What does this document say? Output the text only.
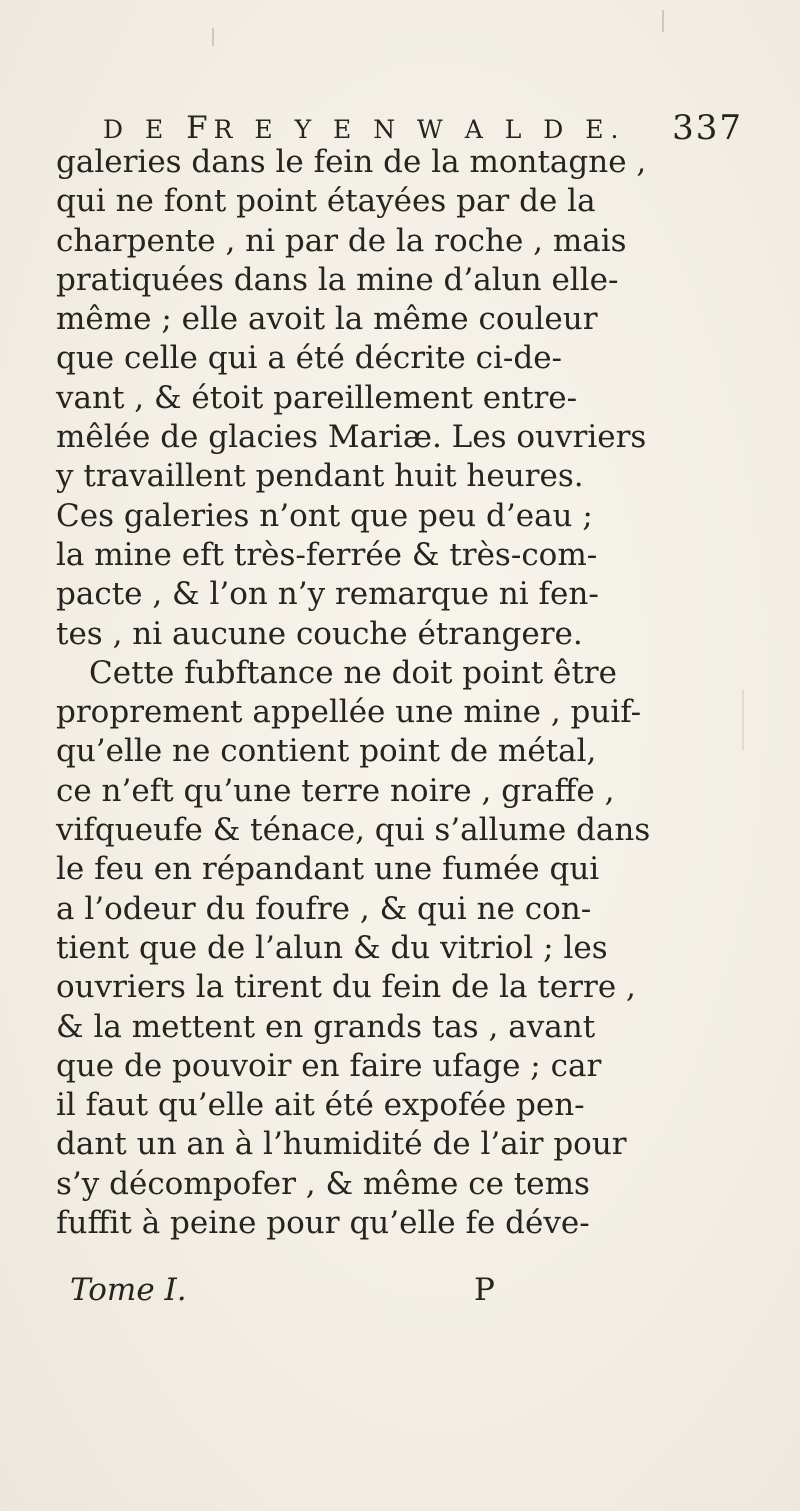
D E FR E Y E N W A L D E. 337
galeries dans le fein de la montagne ,
qui ne font point étayées par de la
charpente , ni par de la roche , mais
pratiquées dans la mine d’alun elle-
même ; elle avoit la même couleur
que celle qui a été décrite ci-de-
vant , & étoit pareillement entre-
mêlée de glacies Mariæ. Les ouvriers
y travaillent pendant huit heures.
Ces galeries n’ont que peu d’eau ;
la mine eft très-ferrée & très-com-
pacte , & l’on n’y remarque ni fen-
tes , ni aucune couche étrangere.
Cette fubftance ne doit point être
proprement appellée une mine , puif-
qu’elle ne contient point de métal,
ce n’eft qu’une terre noire , graffe ,
vifqueufe & ténace, qui s’allume dans
le feu en répandant une fumée qui
a l’odeur du foufre , & qui ne con-
tient que de l’alun & du vitriol ; les
ouvriers la tirent du fein de la terre ,
& la mettent en grands tas , avant
que de pouvoir en faire ufage ; car
il faut qu’elle ait été expofée pen-
dant un an à l’humidité de l’air pour
s’y décompofer , & même ce tems
fuffit à peine pour qu’elle fe déve-
Tome I.	P
